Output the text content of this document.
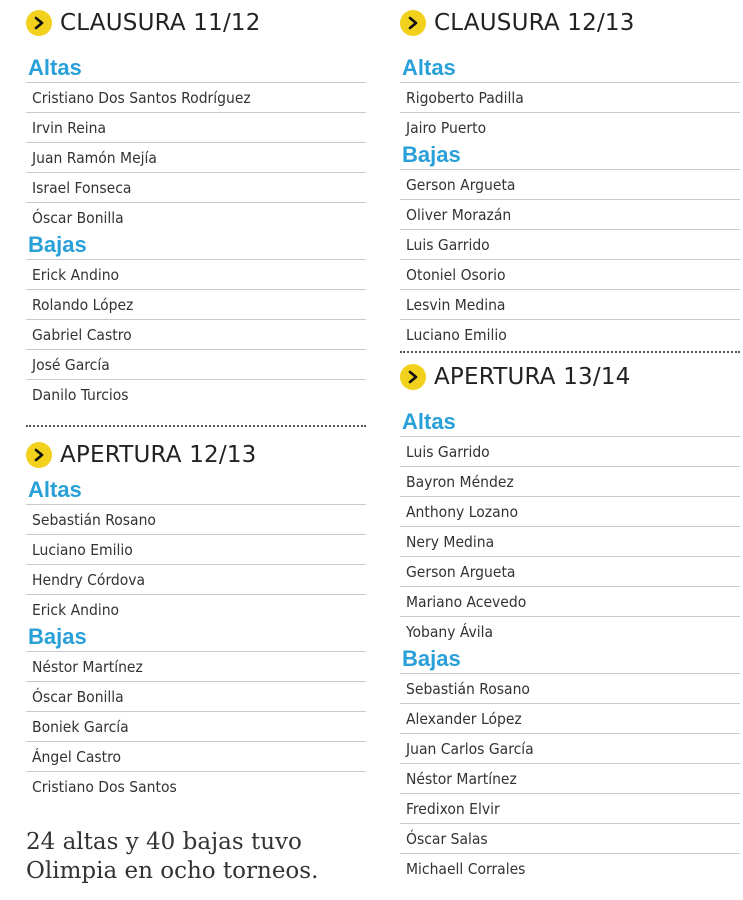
CLAUSURA 11/12
Altas
Cristiano Dos Santos Rodríguez
Irvin Reina
Juan Ramón Mejía
Israel Fonseca
Óscar Bonilla
Bajas
Erick Andino
Rolando López
Gabriel Castro
José García
Danilo Turcios
APERTURA 12/13
Altas
Sebastián Rosano
Luciano Emilio
Hendry Córdova
Erick Andino
Bajas
Néstor Martínez
Óscar Bonilla
Boniek García
Ángel Castro
Cristiano Dos Santos
24 altas y 40 bajas tuvo Olimpia en ocho torneos.
CLAUSURA 12/13
Altas
Rigoberto Padilla
Jairo Puerto
Bajas
Gerson Argueta
Oliver Morazán
Luis Garrido
Otoniel Osorio
Lesvin Medina
Luciano Emilio
APERTURA 13/14
Altas
Luis Garrido
Bayron Méndez
Anthony Lozano
Nery Medina
Gerson Argueta
Mariano Acevedo
Yobany Ávila
Bajas
Sebastián Rosano
Alexander López
Juan Carlos García
Néstor Martínez
Fredixon Elvir
Óscar Salas
Michaell Corrales
